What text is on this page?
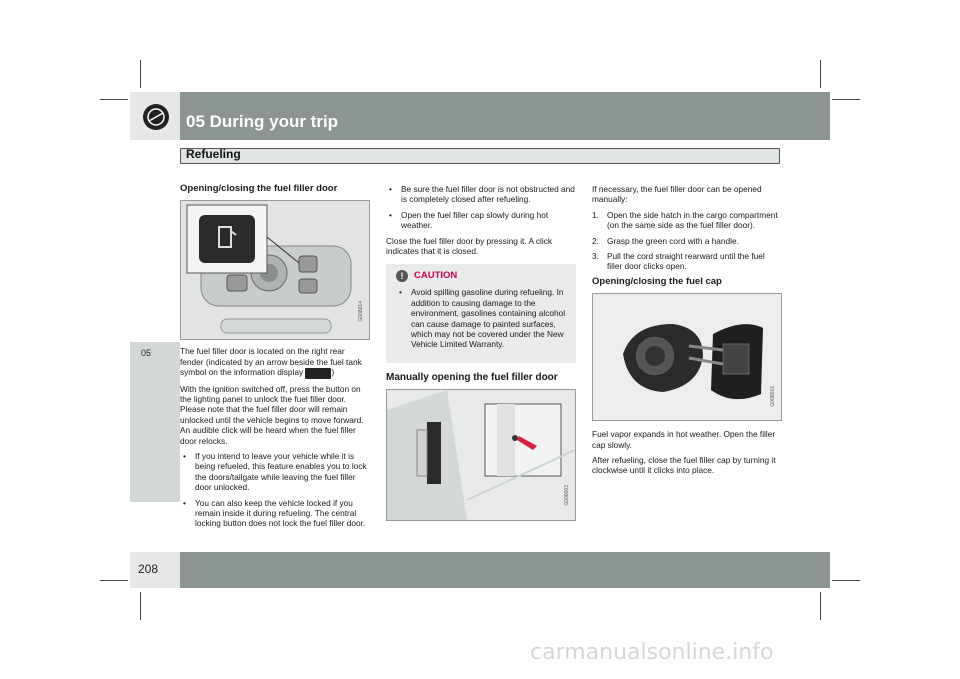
05 During your trip
Refueling
05
208
Opening/closing the fuel filler door
G008014

The fuel filler door is located on the right rear fender (indicated by an arrow beside the fuel tank symbol on the information display	)

With the ignition switched off, press the button on the lighting panel to unlock the fuel filler door. Please note that the fuel filler door will remain unlocked until the vehicle begins to move forward. An audible click will be heard when the fuel filler door relocks.

• If you intend to leave your vehicle while it is being refueled, this feature enables you to lock the doors/tailgate while leaving the fuel filler door unlocked.
• You can also keep the vehicle locked if you remain inside it during refueling. The central locking button does not lock the fuel filler door.
• Be sure the fuel filler door is not obstructed and is completely closed after refueling.
• Open the fuel filler cap slowly during hot weather.

Close the fuel filler door by pressing it. A click indicates that it is closed.

!	CAUTION
• Avoid spilling gasoline during refueling. In addition to causing damage to the environment, gasolines containing alcohol can cause damage to painted surfaces, which may not be covered under the New Vehicle Limited Warranty.
Manually opening the fuel filler door
G008003

If necessary, the fuel filler door can be opened manually:

1. Open the side hatch in the cargo compartment (on the same side as the fuel filler door).
2. Grasp the green cord with a handle.
3. Pull the cord straight rearward until the fuel filler door clicks open.
Opening/closing the fuel cap
G008016

Fuel vapor expands in hot weather. Open the filler cap slowly.

After refueling, close the fuel filler cap by turning it clockwise until it clicks into place.

carmanualsonline.info
